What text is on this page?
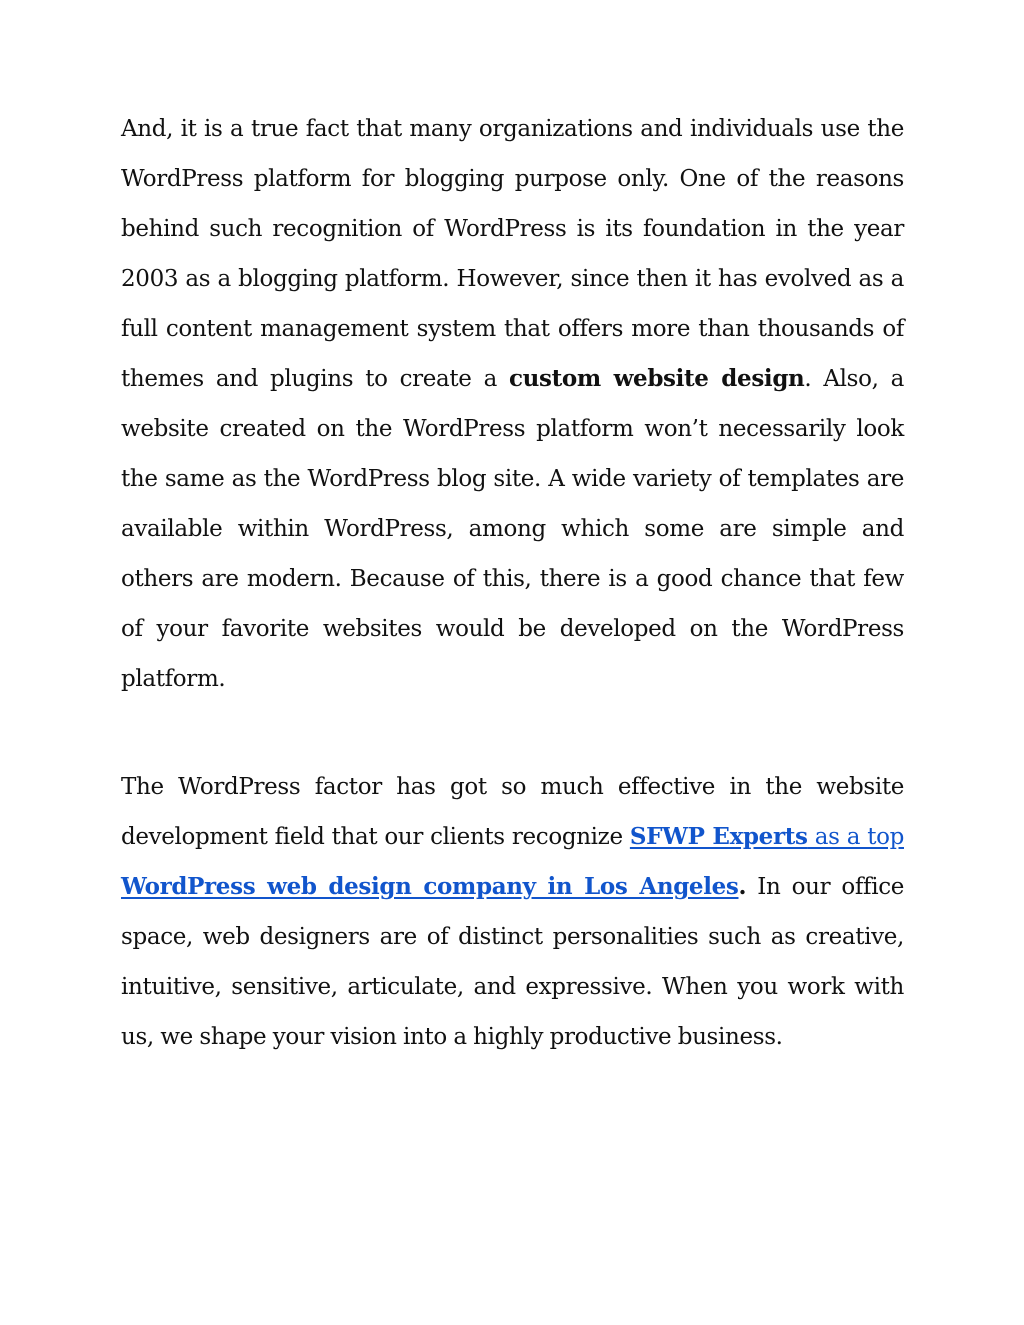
And, it is a true fact that many organizations and individuals use the WordPress platform for blogging purpose only. One of the reasons behind such recognition of WordPress is its foundation in the year 2003 as a blogging platform. However, since then it has evolved as a full content management system that offers more than thousands of themes and plugins to create a custom website design. Also, a website created on the WordPress platform won’t necessarily look the same as the WordPress blog site. A wide variety of templates are available within WordPress, among which some are simple and others are modern. Because of this, there is a good chance that few of your favorite websites would be developed on the WordPress platform.

The WordPress factor has got so much effective in the website development field that our clients recognize SFWP Experts as a top WordPress web design company in Los Angeles. In our office space, web designers are of distinct personalities such as creative, intuitive, sensitive, articulate, and expressive. When you work with us, we shape your vision into a highly productive business.
